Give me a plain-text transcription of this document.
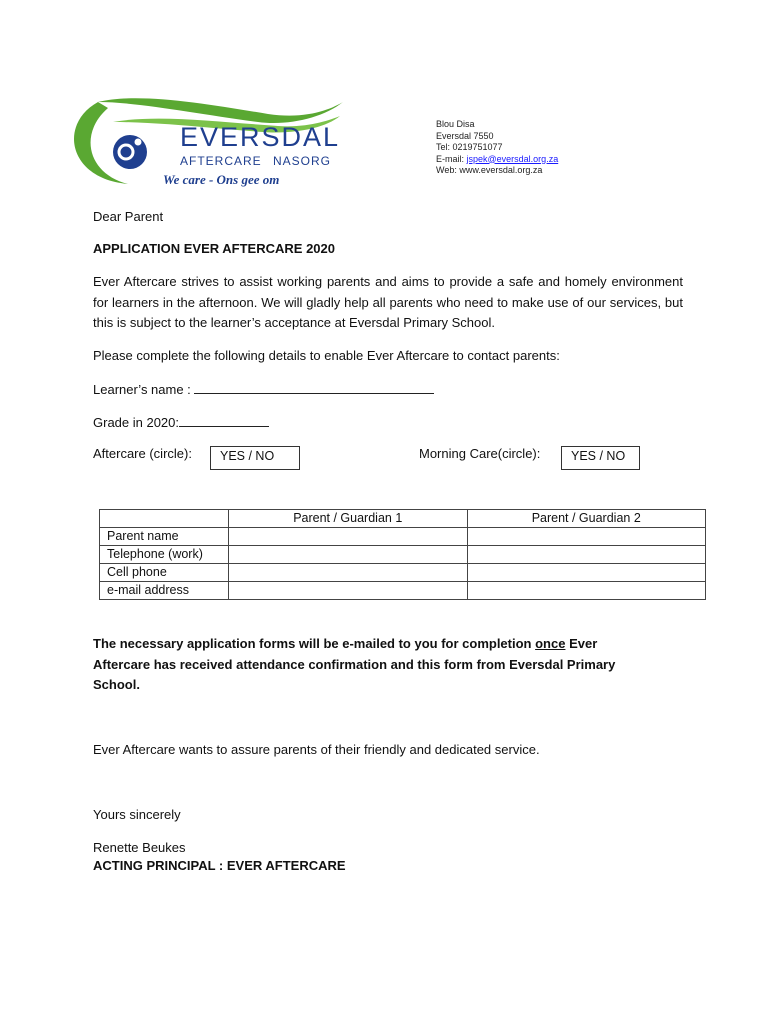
EVERSDAL
AFTERCARE NASORG
We care - Ons gee om
Blou Disa
Eversdal 7550
Tel: 0219751077
E-mail: jspek@eversdal.org.za
Web: www.eversdal.org.za
Dear Parent
APPLICATION EVER AFTERCARE 2020
Ever Aftercare strives to assist working parents and aims to provide a safe and homely environment for learners in the afternoon. We will gladly help all parents who need to make use of our services, but this is subject to the learner’s acceptance at Eversdal Primary School.
Please complete the following details to enable Ever Aftercare to contact parents:
Learner’s name :
Grade in 2020:
Aftercare (circle):	YES / NO	Morning Care(circle):	YES / NO
	Parent / Guardian 1	Parent / Guardian 2
Parent name		
Telephone (work)		
Cell phone		
e-mail address		
The necessary application forms will be e-mailed to you for completion once Ever Aftercare has received attendance confirmation and this form from Eversdal Primary School.
Ever Aftercare wants to assure parents of their friendly and dedicated service.
Yours sincerely
Renette Beukes
ACTING PRINCIPAL : EVER AFTERCARE
